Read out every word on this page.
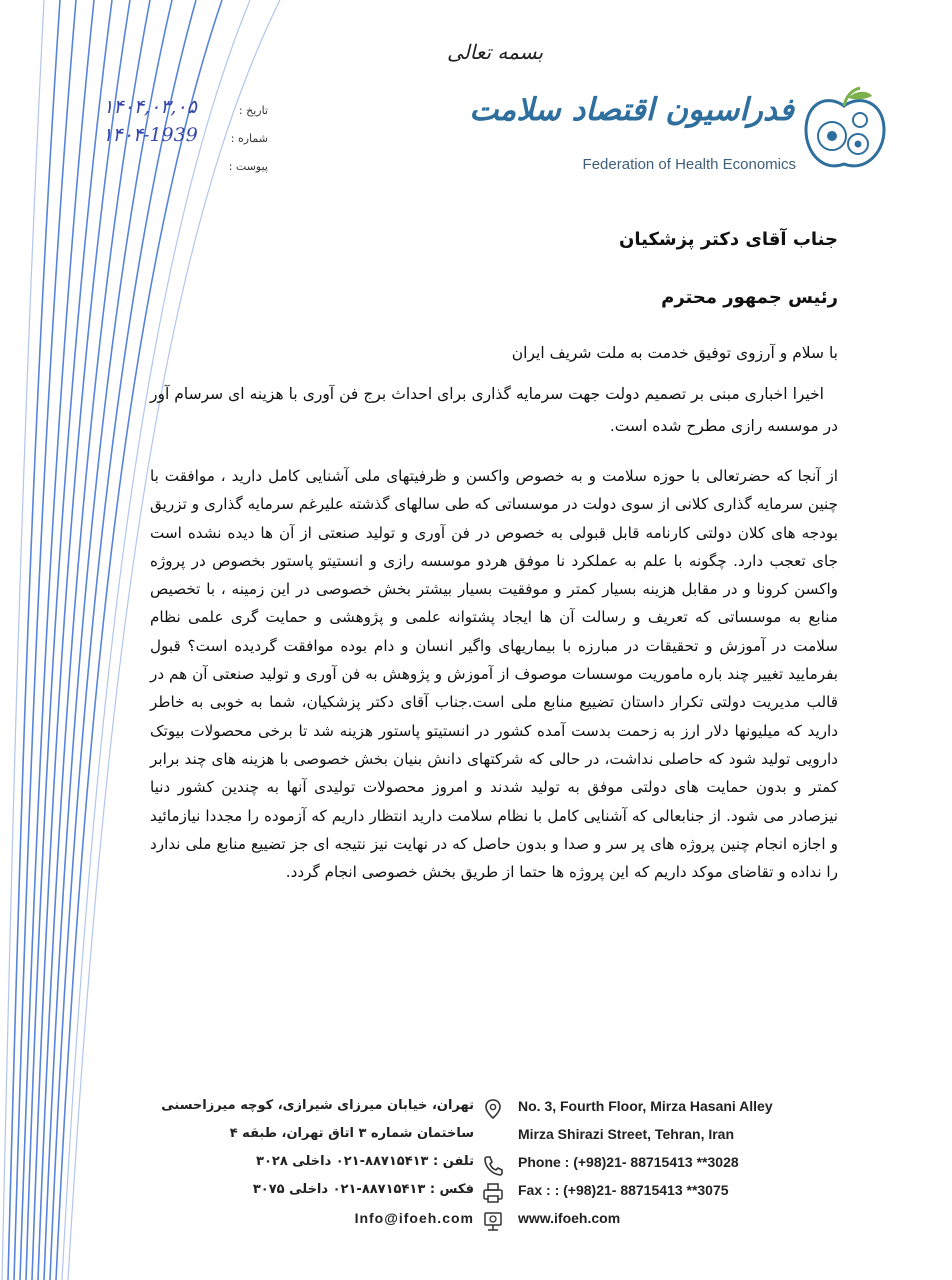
بسمه تعالی
۱۴۰۴,۰۳,۰۵	تاریخ :
۱۴۰۴-1939	شماره :
پیوست :
فدراسیون اقتصاد سلامت
Federation of Health Economics

جناب آقای دکتر پزشکیان

رئیس جمهور محترم

با سلام و آرزوی توفیق خدمت به ملت شریف ایران

اخیرا اخباری مبنی بر تصمیم دولت جهت سرمایه گذاری برای احداث برج فن آوری با هزینه ای سرسام آور در موسسه رازی مطرح شده است.

از آنجا که حضرتعالی با حوزه سلامت و به خصوص واکسن و ظرفیتهای ملی آشنایی کامل دارید ، موافقت با چنین سرمایه گذاری کلانی از سوی دولت در موسساتی که طی سالهای گذشته علیرغم سرمایه گذاری و تزریق بودجه های کلان دولتی کارنامه قابل قبولی به خصوص در فن آوری و تولید صنعتی از آن ها دیده نشده است جای تعجب دارد. چگونه با علم به عملکرد نا موفق هردو موسسه رازی و انستیتو پاستور بخصوص در پروژه واکسن کرونا و در مقابل هزینه بسیار کمتر و موفقیت بسیار بیشتر بخش خصوصی در این زمینه ، با تخصیص منابع به موسساتی که تعریف و رسالت آن ها ایجاد پشتوانه علمی و پژوهشی و حمایت گری علمی نظام سلامت در آموزش و تحقیقات در مبارزه با بیماریهای واگیر انسان و دام بوده موافقت گردیده است؟ قبول بفرمایید تغییر چند باره ماموریت موسسات موصوف از آموزش و پژوهش به فن آوری و تولید صنعتی آن هم در قالب مدیریت دولتی تکرار داستان تضییع منابع ملی است.جناب آقای دکتر پزشکیان، شما به خوبی به خاطر دارید که میلیونها دلار ارز به زحمت بدست آمده کشور در انستیتو پاستور هزینه شد تا برخی محصولات بیوتک دارویی تولید شود که حاصلی نداشت، در حالی که شرکتهای دانش بنیان بخش خصوصی با هزینه های چند برابر کمتر و بدون حمایت های دولتی موفق به تولید شدند و امروز محصولات تولیدی آنها به چندین کشور دنیا نیزصادر می شود. از جنابعالی که آشنایی کامل با نظام سلامت دارید انتظار داریم که آزموده را مجددا نیازمائید و اجازه انجام چنین پروژه های پر سر و صدا و بدون حاصل که در نهایت نیز نتیجه ای جز تضییع منابع ملی ندارد را نداده و تقاضای موکد داریم که این پروژه ها حتما از طریق بخش خصوصی انجام گردد.

تهران، خیابان میرزای شیرازی، کوچه میرزاحسنی	No. 3, Fourth Floor, Mirza Hasani Alley
ساختمان شماره ۳ اتاق تهران، طبقه ۴	Mirza Shirazi Street, Tehran, Iran
تلفن : ۸۸۷۱۵۴۱۳-۰۲۱ داخلی ۳۰۲۸	Phone : (+98)21- 88715413 **3028
فکس : ۸۸۷۱۵۴۱۳-۰۲۱ داخلی ۳۰۷۵	Fax : : (+98)21- 88715413 **3075
Info@ifoeh.com	www.ifoeh.com
